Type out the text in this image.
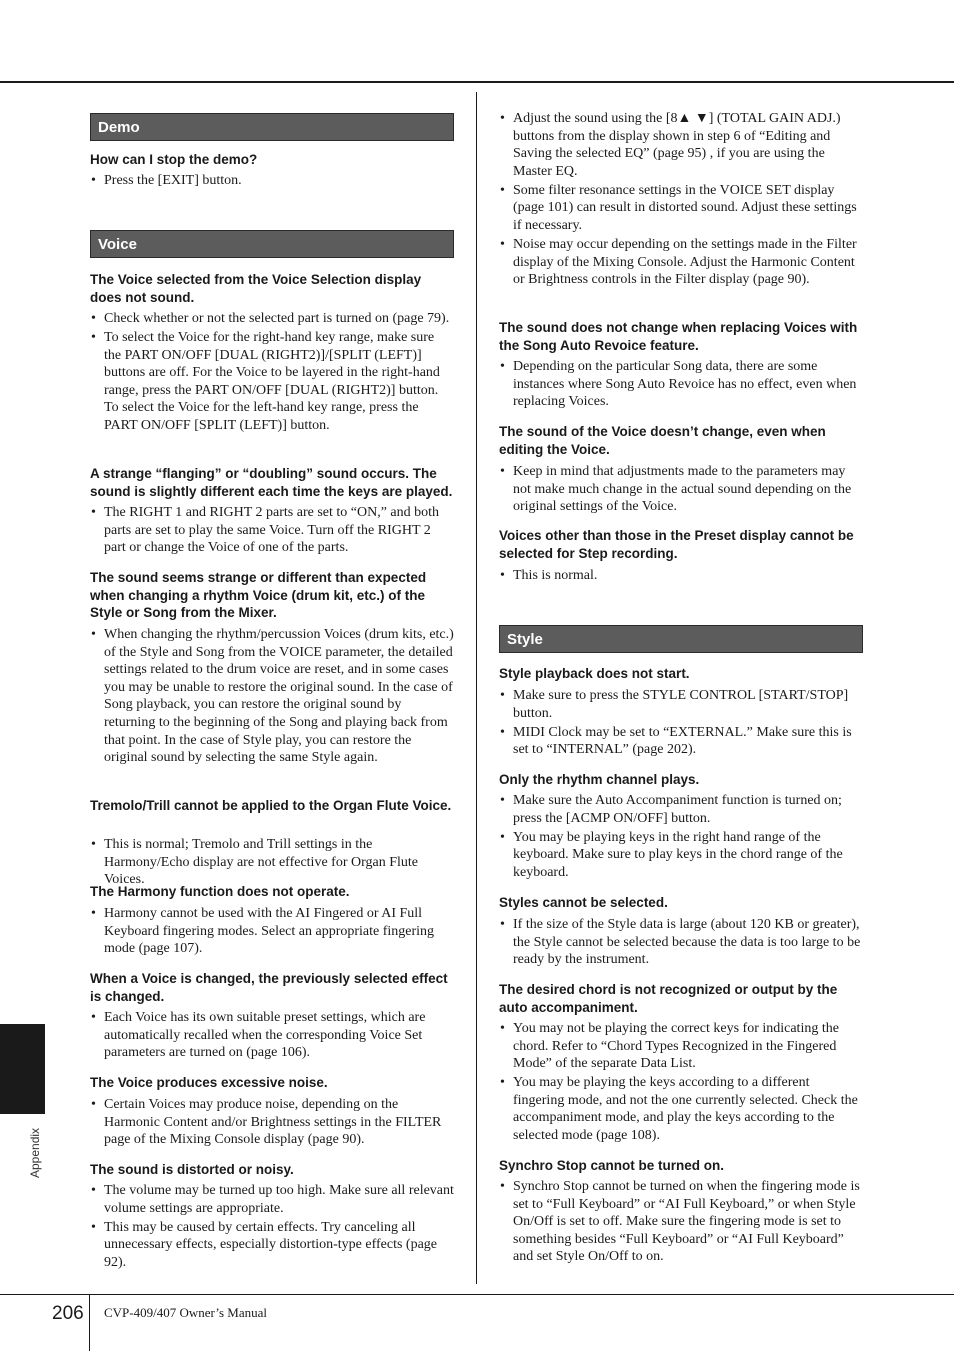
206 CVP-409/407 Owner’s Manual
Appendix
Demo

How can I stop the demo?

• Press the [EXIT] button.
Voice

The Voice selected from the Voice Selection display does not sound.

• Check whether or not the selected part is turned on (page 79).
• To select the Voice for the right-hand key range, make sure the PART ON/OFF [DUAL (RIGHT2)]/[SPLIT (LEFT)] buttons are off. For the Voice to be layered in the right-hand range, press the PART ON/OFF [DUAL (RIGHT2)] button. To select the Voice for the left-hand key range, press the PART ON/OFF [SPLIT (LEFT)] button.

A strange “flanging” or “doubling” sound occurs. The sound is slightly different each time the keys are played.

• The RIGHT 1 and RIGHT 2 parts are set to “ON,” and both parts are set to play the same Voice. Turn off the RIGHT 2 part or change the Voice of one of the parts.

The sound seems strange or different than expected when changing a rhythm Voice (drum kit, etc.) of the Style or Song from the Mixer.

• When changing the rhythm/percussion Voices (drum kits, etc.) of the Style and Song from the VOICE parameter, the detailed settings related to the drum voice are reset, and in some cases you may be unable to restore the original sound. In the case of Song playback, you can restore the original sound by returning to the beginning of the Song and playing back from that point. In the case of Style play, you can restore the original sound by selecting the same Style again.

Tremolo/Trill cannot be applied to the Organ Flute Voice.

• This is normal; Tremolo and Trill settings in the Harmony/Echo display are not effective for Organ Flute Voices.

The Harmony function does not operate.

• Harmony cannot be used with the AI Fingered or AI Full Keyboard fingering modes. Select an appropriate fingering mode (page 107).

When a Voice is changed, the previously selected effect is changed.

• Each Voice has its own suitable preset settings, which are automatically recalled when the corresponding Voice Set parameters are turned on (page 106).

The Voice produces excessive noise.

• Certain Voices may produce noise, depending on the Harmonic Content and/or Brightness settings in the FILTER page of the Mixing Console display (page 90).

The sound is distorted or noisy.

• The volume may be turned up too high. Make sure all relevant volume settings are appropriate.
• This may be caused by certain effects. Try canceling all unnecessary effects, especially distortion-type effects (page 92).
• Adjust the sound using the [8▲ ▼] (TOTAL GAIN ADJ.) buttons from the display shown in step 6 of “Editing and Saving the selected EQ” (page 95) , if you are using the Master EQ.
• Some filter resonance settings in the VOICE SET display (page 101) can result in distorted sound. Adjust these settings if necessary.
• Noise may occur depending on the settings made in the Filter display of the Mixing Console. Adjust the Harmonic Content or Brightness controls in the Filter display (page 90).

The sound does not change when replacing Voices with the Song Auto Revoice feature.

• Depending on the particular Song data, there are some instances where Song Auto Revoice has no effect, even when replacing Voices.

The sound of the Voice doesn’t change, even when editing the Voice.

• Keep in mind that adjustments made to the parameters may not make much change in the actual sound depending on the original settings of the Voice.

Voices other than those in the Preset display cannot be selected for Step recording.

• This is normal.
Style

Style playback does not start.

• Make sure to press the STYLE CONTROL [START/STOP] button.
• MIDI Clock may be set to “EXTERNAL.” Make sure this is set to “INTERNAL” (page 202).

Only the rhythm channel plays.

• Make sure the Auto Accompaniment function is turned on; press the [ACMP ON/OFF] button.
• You may be playing keys in the right hand range of the keyboard. Make sure to play keys in the chord range of the keyboard.

Styles cannot be selected.

• If the size of the Style data is large (about 120 KB or greater), the Style cannot be selected because the data is too large to be ready by the instrument.

The desired chord is not recognized or output by the auto accompaniment.

• You may not be playing the correct keys for indicating the chord. Refer to “Chord Types Recognized in the Fingered Mode” of the separate Data List.
• You may be playing the keys according to a different fingering mode, and not the one currently selected. Check the accompaniment mode, and play the keys according to the selected mode (page 108).

Synchro Stop cannot be turned on.

• Synchro Stop cannot be turned on when the fingering mode is set to “Full Keyboard” or “AI Full Keyboard,” or when Style On/Off is set to off. Make sure the fingering mode is set to something besides “Full Keyboard” or “AI Full Keyboard” and set Style On/Off to on.
